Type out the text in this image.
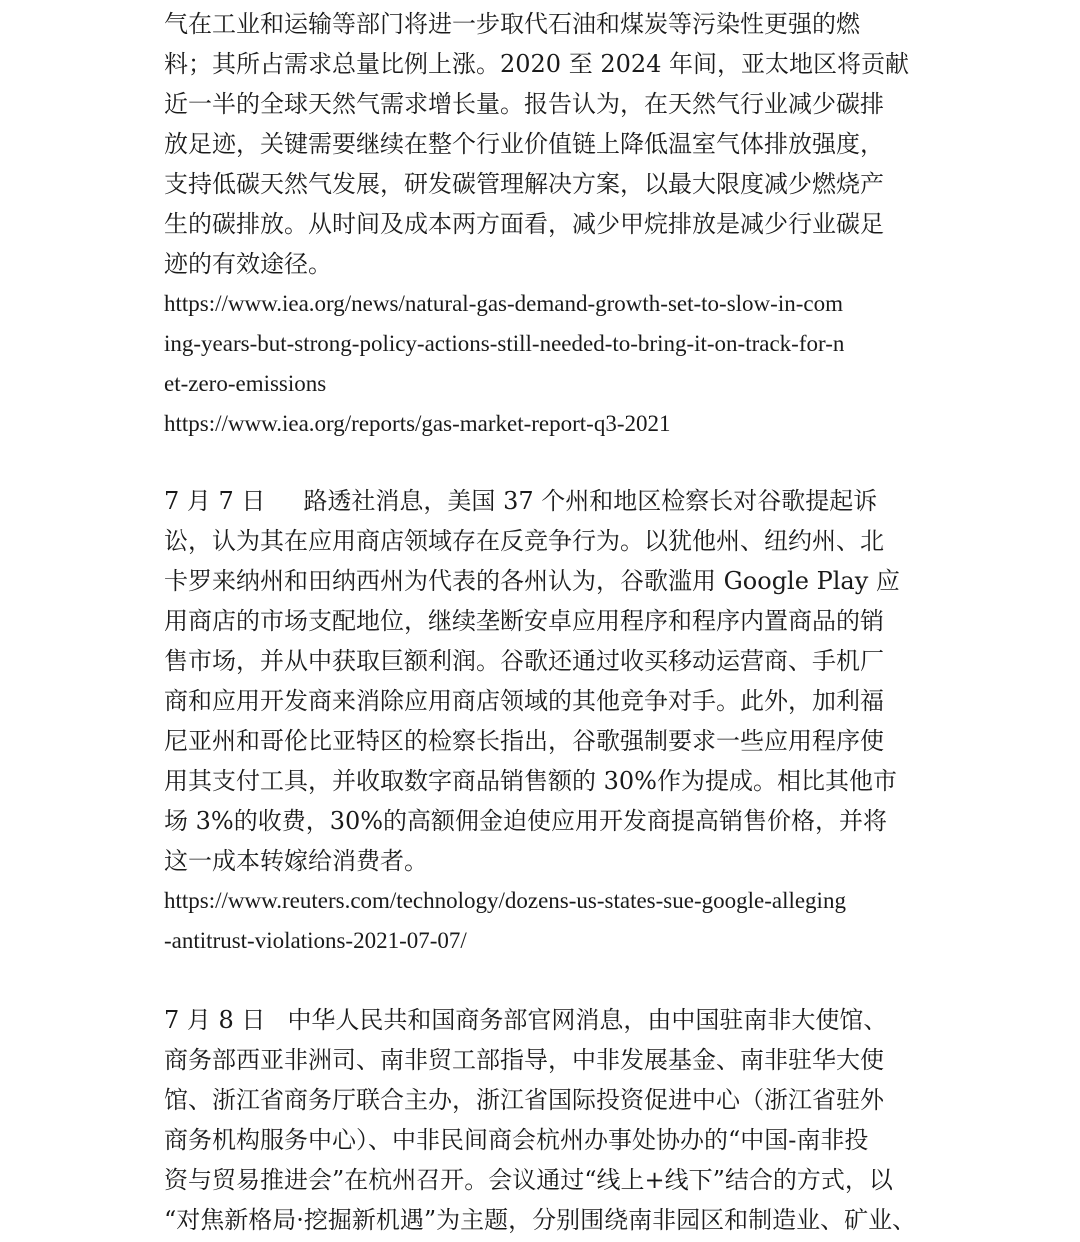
气在工业和运输等部门将进一步取代石油和煤炭等污染性更强的燃
料；其所占需求总量比例上涨。2020 至 2024 年间，亚太地区将贡献
近一半的全球天然气需求增长量。报告认为，在天然气行业减少碳排
放足迹，关键需要继续在整个行业价值链上降低温室气体排放强度，
支持低碳天然气发展，研发碳管理解决方案，以最大限度减少燃烧产
生的碳排放。从时间及成本两方面看，减少甲烷排放是减少行业碳足
迹的有效途径。
https://www.iea.org/news/natural-gas-demand-growth-set-to-slow-in-com
ing-years-but-strong-policy-actions-still-needed-to-bring-it-on-track-for-n
et-zero-emissions
https://www.iea.org/reports/gas-market-report-q3-2021
7 月 7 日 路透社消息，美国 37 个州和地区检察长对谷歌提起诉
讼，认为其在应用商店领域存在反竞争行为。以犹他州、纽约州、北
卡罗来纳州和田纳西州为代表的各州认为，谷歌滥用 Google Play 应
用商店的市场支配地位，继续垄断安卓应用程序和程序内置商品的销
售市场，并从中获取巨额利润。谷歌还通过收买移动运营商、手机厂
商和应用开发商来消除应用商店领域的其他竞争对手。此外，加利福
尼亚州和哥伦比亚特区的检察长指出，谷歌强制要求一些应用程序使
用其支付工具，并收取数字商品销售额的 30%作为提成。相比其他市
场 3%的收费，30%的高额佣金迫使应用开发商提高销售价格，并将
这一成本转嫁给消费者。
https://www.reuters.com/technology/dozens-us-states-sue-google-alleging
-antitrust-violations-2021-07-07/
7 月 8 日 中华人民共和国商务部官网消息，由中国驻南非大使馆、
商务部西亚非洲司、南非贸工部指导，中非发展基金、南非驻华大使
馆、浙江省商务厅联合主办，浙江省国际投资促进中心（浙江省驻外
商务机构服务中心）、中非民间商会杭州办事处协办的“中国-南非投
资与贸易推进会”在杭州召开。会议通过“线上+线下”结合的方式，以
“对焦新格局·挖掘新机遇”为主题，分别围绕南非园区和制造业、矿业、
